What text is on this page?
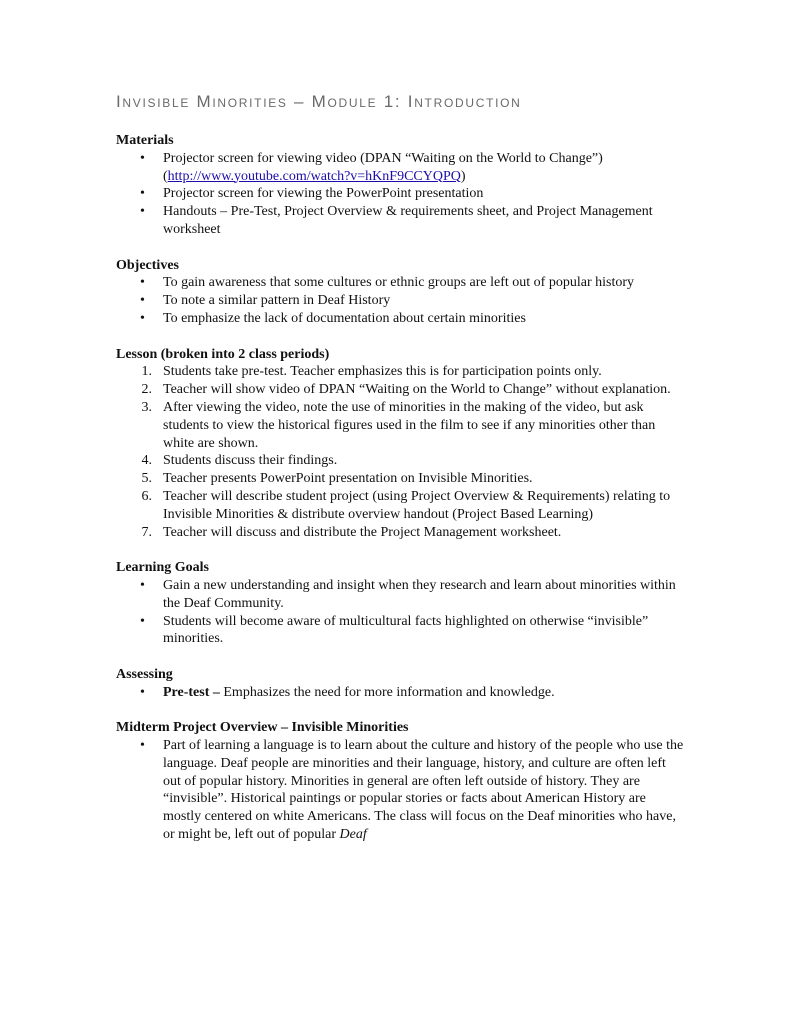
Invisible Minorities – Module 1: Introduction

Materials

• Projector screen for viewing video (DPAN “Waiting on the World to Change”) (http://www.youtube.com/watch?v=hKnF9CCYQPQ)
• Projector screen for viewing the PowerPoint presentation
• Handouts – Pre-Test, Project Overview & requirements sheet, and Project Management worksheet

Objectives

• To gain awareness that some cultures or ethnic groups are left out of popular history
• To note a similar pattern in Deaf History
• To emphasize the lack of documentation about certain minorities

Lesson (broken into 2 class periods)

1. Students take pre-test. Teacher emphasizes this is for participation points only.
2. Teacher will show video of DPAN “Waiting on the World to Change” without explanation.
3. After viewing the video, note the use of minorities in the making of the video, but ask students to view the historical figures used in the film to see if any minorities other than white are shown.
4. Students discuss their findings.
5. Teacher presents PowerPoint presentation on Invisible Minorities.
6. Teacher will describe student project (using Project Overview & Requirements) relating to Invisible Minorities & distribute overview handout (Project Based Learning)
7. Teacher will discuss and distribute the Project Management worksheet.

Learning Goals

• Gain a new understanding and insight when they research and learn about minorities within the Deaf Community.
• Students will become aware of multicultural facts highlighted on otherwise “invisible” minorities.

Assessing

• Pre-test – Emphasizes the need for more information and knowledge.

Midterm Project Overview – Invisible Minorities

• Part of learning a language is to learn about the culture and history of the people who use the language. Deaf people are minorities and their language, history, and culture are often left out of popular history. Minorities in general are often left outside of history. They are “invisible”. Historical paintings or popular stories or facts about American History are mostly centered on white Americans. The class will focus on the Deaf minorities who have, or might be, left out of popular Deaf
